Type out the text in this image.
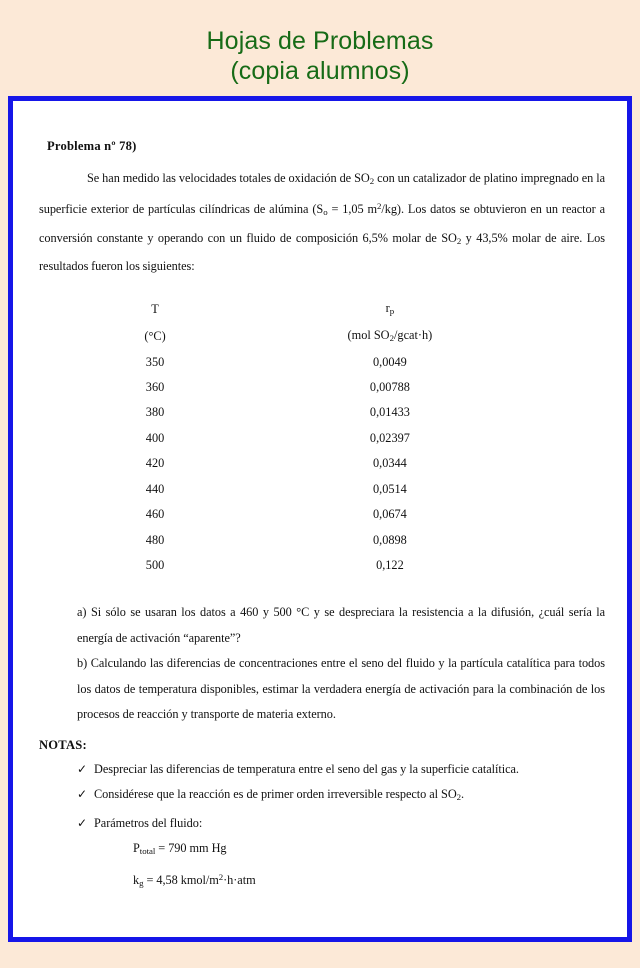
Hojas de Problemas
(copia alumnos)
Problema nº 78)

Se han medido las velocidades totales de oxidación de $SO_2$ con un catalizador de platino impregnado en la superficie exterior de partículas cilíndricas de alúmina ($S_o = 1,05$ $m^2/kg$). Los datos se obtuvieron en un reactor a conversión constante y operando con un fluido de composición 6,5% molar de $SO_2$ y 43,5% molar de aire. Los resultados fueron los siguientes:

T	$r_p$	
(°C)	(mol $SO_2/gcat\cdot h$)	
350	0,0049	
360	0,00788	
380	0,01433	
400	0,02397	
420	0,0344	
440	0,0514	
460	0,0674	
480	0,0898	
500	0,122	
a) Si sólo se usaran los datos a 460 y 500 °C y se despreciara la resistencia a la difusión, ¿cuál sería la energía de activación “aparente”?
b) Calculando las diferencias de concentraciones entre el seno del fluido y la partícula catalítica para todos los datos de temperatura disponibles, estimar la verdadera energía de activación para la combinación de los procesos de reacción y transporte de materia externo.
NOTAS:
✓ Despreciar las diferencias de temperatura entre el seno del gas y la superficie catalítica.
✓ Considérese que la reacción es de primer orden irreversible respecto al $SO_2$.
✓ Parámetros del fluido:
$P_{total} = 790$ mm Hg
$k_g = 4,58$ kmol/$m^2\cdot h\cdot atm$
